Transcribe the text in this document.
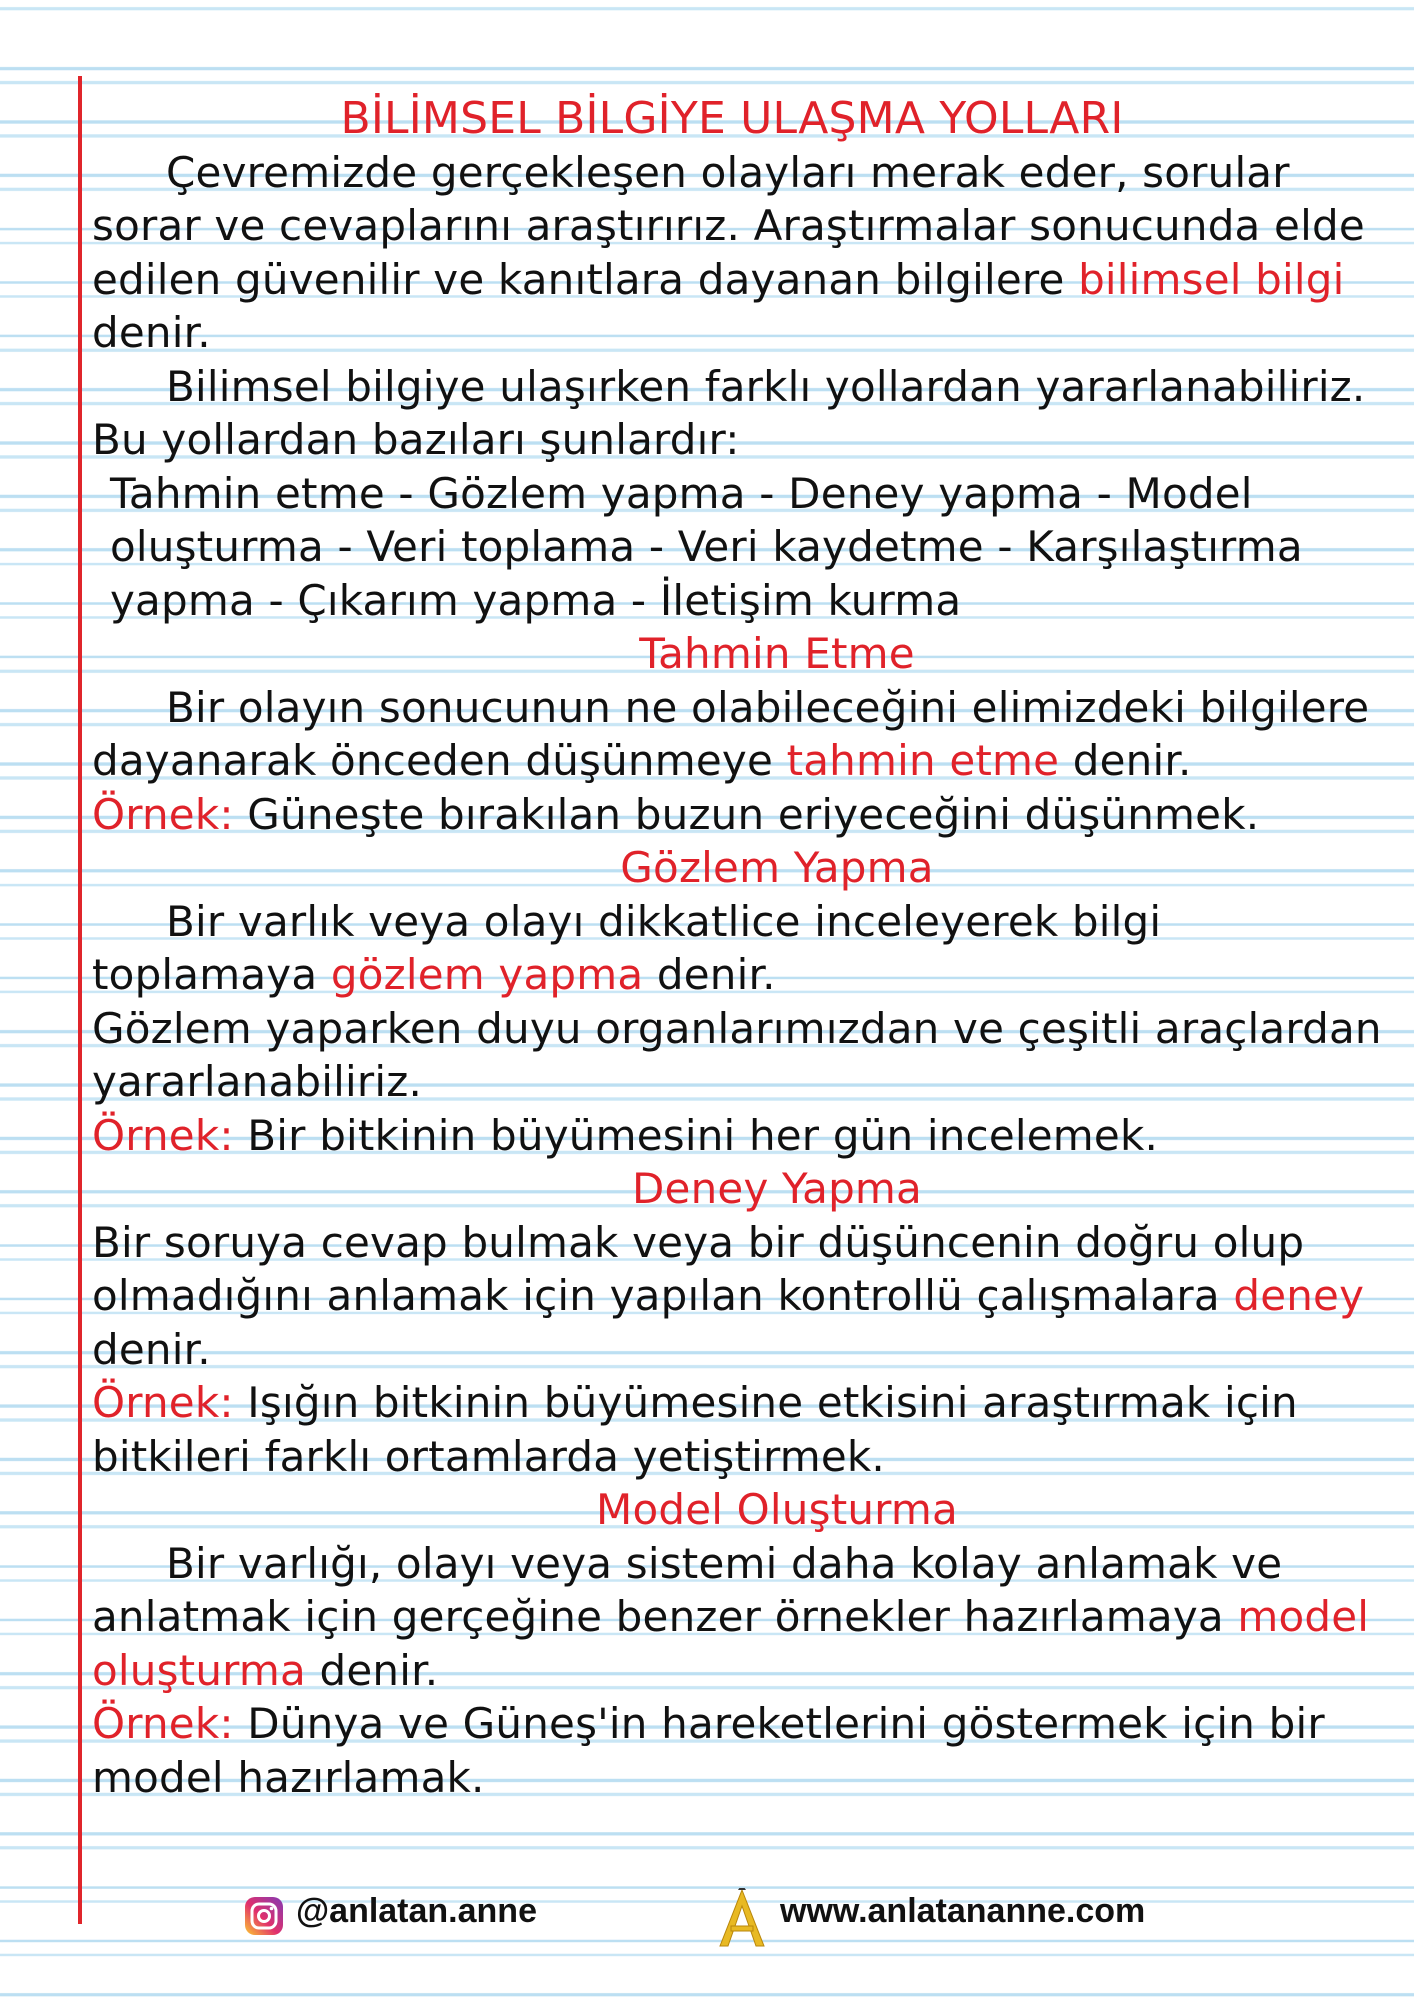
BİLİMSEL BİLGİYE ULAŞMA YOLLARI

Çevremizde gerçekleşen olayları merak eder, sorular sorar ve cevaplarını araştırırız. Araştırmalar sonucunda elde edilen güvenilir ve kanıtlara dayanan bilgilere bilimsel bilgi denir.

Bilimsel bilgiye ulaşırken farklı yollardan yararlanabiliriz. Bu yollardan bazıları şunlardır:

Tahmin etme - Gözlem yapma - Deney yapma - Model oluşturma - Veri toplama - Veri kaydetme - Karşılaştırma yapma - Çıkarım yapma - İletişim kurma

Tahmin Etme

Bir olayın sonucunun ne olabileceğini elimizdeki bilgilere dayanarak önceden düşünmeye tahmin etme denir.

Örnek: Güneşte bırakılan buzun eriyeceğini düşünmek.

Gözlem Yapma

Bir varlık veya olayı dikkatlice inceleyerek bilgi toplamaya gözlem yapma denir.

Gözlem yaparken duyu organlarımızdan ve çeşitli araçlardan yararlanabiliriz.

Örnek: Bir bitkinin büyümesini her gün incelemek.

Deney Yapma

Bir soruya cevap bulmak veya bir düşüncenin doğru olup olmadığını anlamak için yapılan kontrollü çalışmalara deney denir.

Örnek: Işığın bitkinin büyümesine etkisini araştırmak için bitkileri farklı ortamlarda yetiştirmek.

Model Oluşturma

Bir varlığı, olayı veya sistemi daha kolay anlamak ve anlatmak için gerçeğine benzer örnekler hazırlamaya model oluşturma denir.

Örnek: Dünya ve Güneş'in hareketlerini göstermek için bir model hazırlamak.

@anlatan.anne	www.anlatananne.com
